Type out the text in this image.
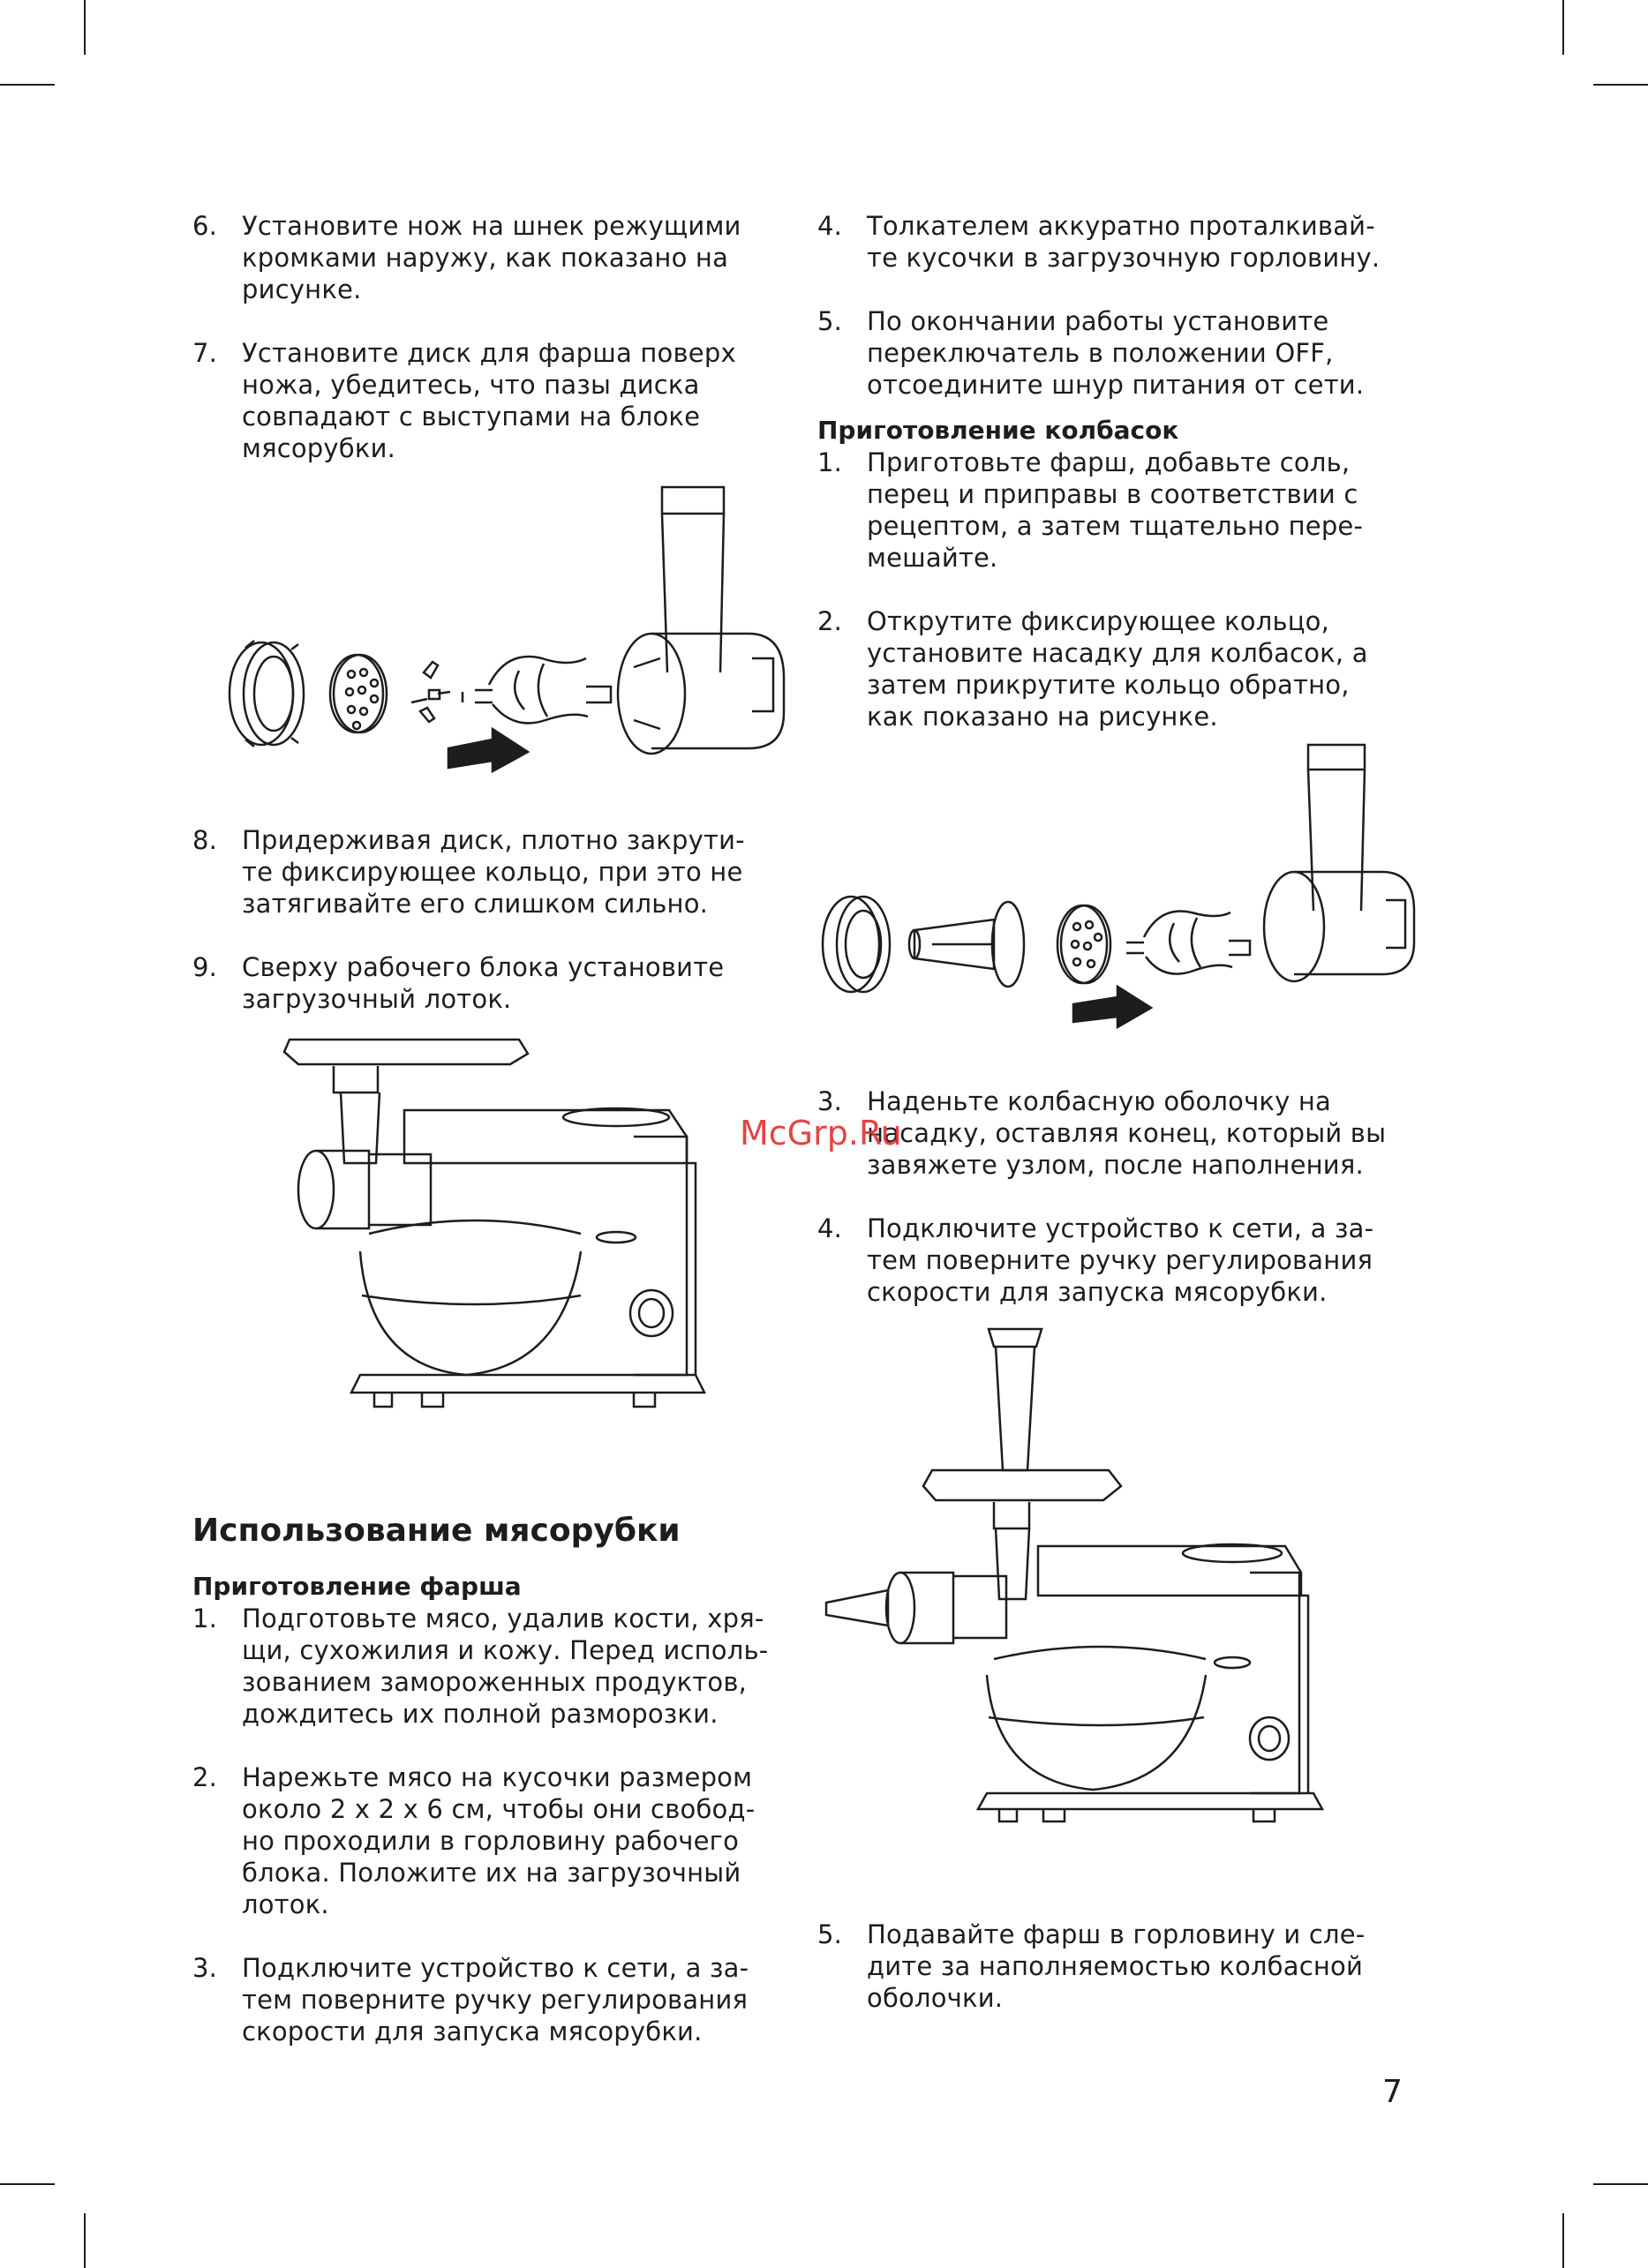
6. Установите нож на шнек режущими
кромками наружу, как показано на
рисунке.
7. Установите диск для фарша поверх
ножа, убедитесь, что пазы диска
совпадают с выступами на блоке
мясорубки.
8. Придерживая диск, плотно закрути-
те фиксирующее кольцо, при это не
затягивайте его слишком сильно.
9. Сверху рабочего блока установите
загрузочный лоток.
Использование мясорубки
Приготовление фарша
1. Подготовьте мясо, удалив кости, хря-
щи, сухожилия и кожу. Перед исполь-
зованием замороженных продуктов,
дождитесь их полной разморозки.
2. Нарежьте мясо на кусочки размером
около 2 х 2 х 6 см, чтобы они свобод-
но проходили в горловину рабочего
блока. Положите их на загрузочный
лоток.
3. Подключите устройство к сети, а за-
тем поверните ручку регулирования
скорости для запуска мясорубки.
4. Толкателем аккуратно проталкивай-
те кусочки в загрузочную горловину.
5. По окончании работы установите
переключатель в положении OFF,
отсоедините шнур питания от сети.
Приготовление колбасок
1. Приготовьте фарш, добавьте соль,
перец и приправы в соответствии с
рецептом, а затем тщательно пере-
мешайте.
2. Открутите фиксирующее кольцо,
установите насадку для колбасок, а
затем прикрутите кольцо обратно,
как показано на рисунке.
3. Наденьте колбасную оболочку на
насадку, оставляя конец, который вы
завяжете узлом, после наполнения.
4. Подключите устройство к сети, а за-
тем поверните ручку регулирования
скорости для запуска мясорубки.
5. Подавайте фарш в горловину и сле-
дите за наполняемостью колбасной
оболочки.
McGrp.Ru
7
